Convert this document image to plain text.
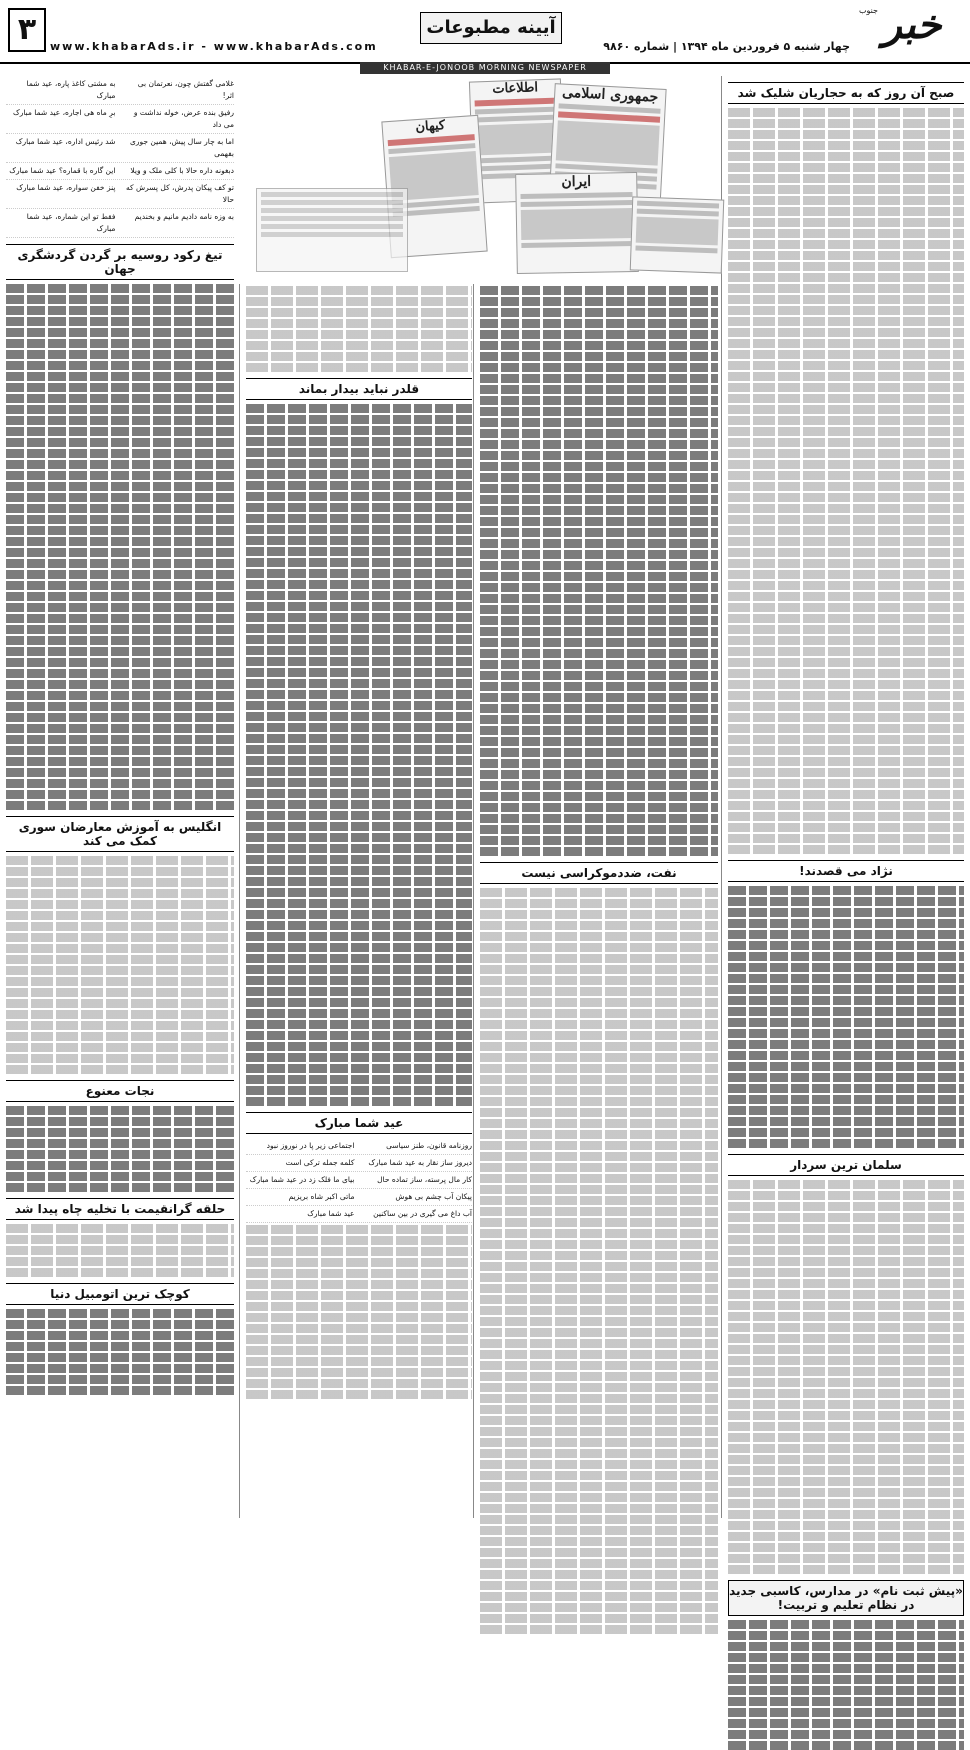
۳	www.khabarAds.ir - www.khabarAds.com
آیینه مطبوعات
چهار شنبه ۵ فروردین ماه ۱۳۹۴ | شماره ۹۸۶۰ خبر
جنوب
KHABAR-E-JONOOB MORNING NEWSPAPER
صبح آن روز که به حجاریان شلیک شد
نژاد می قصدند!
سلمان ترین سردار
«پیش ثبت نام» در مدارس، کاسبی جدید در نظام تعلیم و تربیت!
اطلاعات	جمهوری اسلامی
کیهان
ایران
نفت، ضددموکراسی نیست
قلدر نباید بیدار بماند
عید شما مبارک
روزنامه قانون، طنز سیاسی
اجتماعی زیر پا در نوروز نبود
دیروز ساز نقار به عید شما مبارک
کلمه جمله ترکی است
کار مال پرسته، ساز تماده حال
بیای ما فلک زد در عید شما مبارک
پیکان آب چشم بی هوش
ماتی اکبر شاه بریزیم
آب داغ می گیری در بین ساکنین
عید شما مبارک
غلامی گفتش چون، نعرتمان بی اثر!
به مشتی کاغذ پاره، عید شما مبارک
رفیق بنده عرض، خوله نداشت و می داد
برِ ماه هی اجاره، عید شما مبارک
اما به چار سال پیش، همین جوری بفهمی
شد رئیس اداره، عید شما مبارک
دبغونه داره حالا با کلی ملک و ویلا
این گاره با قماره؟ عید شما مبارک
تو کف پیکان پدرش، کل پسرش که حالا
پنز خفن سواره، عید شما مبارک
به وزه نامه دادیم مانیم و بخندیم
فقط تو این شماره، عید شما مبارک
تیغ رکود روسیه بر گردن گردشگری جهان
انگلیس به آموزش معارضان سوری کمک می کند
نجات معنوع
حلقه گرانقیمت با تخلیه چاه پیدا شد
کوچک ترین اتومبیل دنیا
